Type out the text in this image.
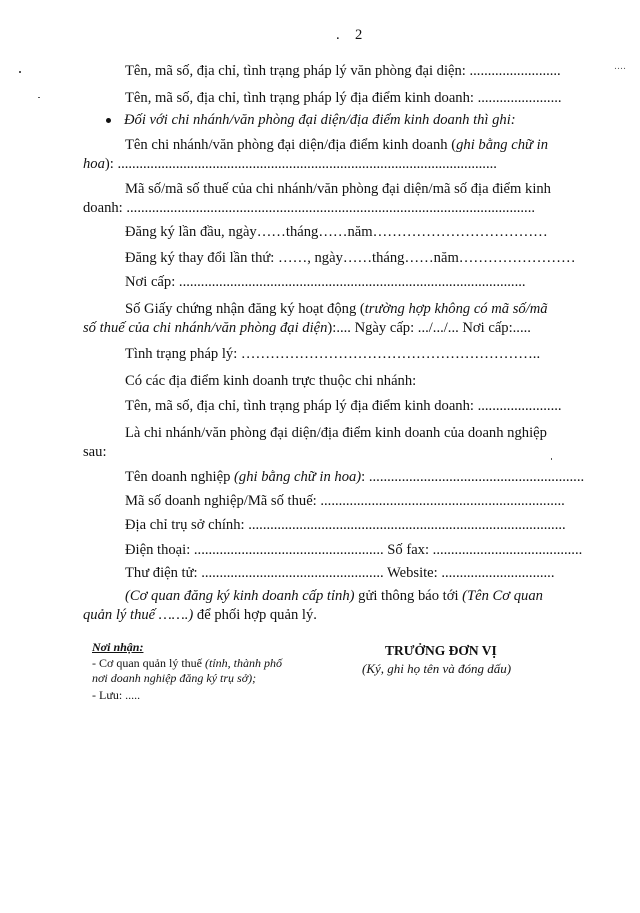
. 2
‥‥
Tên, mã số, địa chỉ, tình trạng pháp lý văn phòng đại diện: .........................
Tên, mã số, địa chỉ, tình trạng pháp lý địa điểm kinh doanh: .......................
Đối với chi nhánh/văn phòng đại diện/địa điểm kinh doanh thì ghi:
Tên chi nhánh/văn phòng đại diện/địa điểm kinh doanh (ghi bằng chữ in
hoa): ........................................................................................................
Mã số/mã số thuế của chi nhánh/văn phòng đại diện/mã số địa điểm kinh
doanh: ................................................................................................................
Đăng ký lần đầu, ngày……tháng……năm………………………………
Đăng ký thay đổi lần thứ: ……, ngày……tháng……năm……………………
Nơi cấp: ...............................................................................................
Số Giấy chứng nhận đăng ký hoạt động (trường hợp không có mã số/mã
số thuế của chi nhánh/văn phòng đại diện):.... Ngày cấp: .../.../... Nơi cấp:.....
Tình trạng pháp lý: ……………………………………………………..
Có các địa điểm kinh doanh trực thuộc chi nhánh:
Tên, mã số, địa chỉ, tình trạng pháp lý địa điểm kinh doanh: .......................
Là chi nhánh/văn phòng đại diện/địa điểm kinh doanh của doanh nghiệp
sau:
Tên doanh nghiệp (ghi bằng chữ in hoa): ...........................................................
Mã số doanh nghiệp/Mã số thuế: ...................................................................
Địa chỉ trụ sở chính: .......................................................................................
Điện thoại: .................................................... Số fax: .........................................
Thư điện tử: .................................................. Website: ...............................
(Cơ quan đăng ký kinh doanh cấp tỉnh) gửi thông báo tới (Tên Cơ quan
quản lý thuế …….) để phối hợp quản lý.
Nơi nhận:
- Cơ quan quản lý thuế (tỉnh, thành phố
nơi doanh nghiệp đăng ký trụ sở);
- Lưu: .....
TRƯỞNG ĐƠN VỊ
(Ký, ghi họ tên và đóng dấu)
